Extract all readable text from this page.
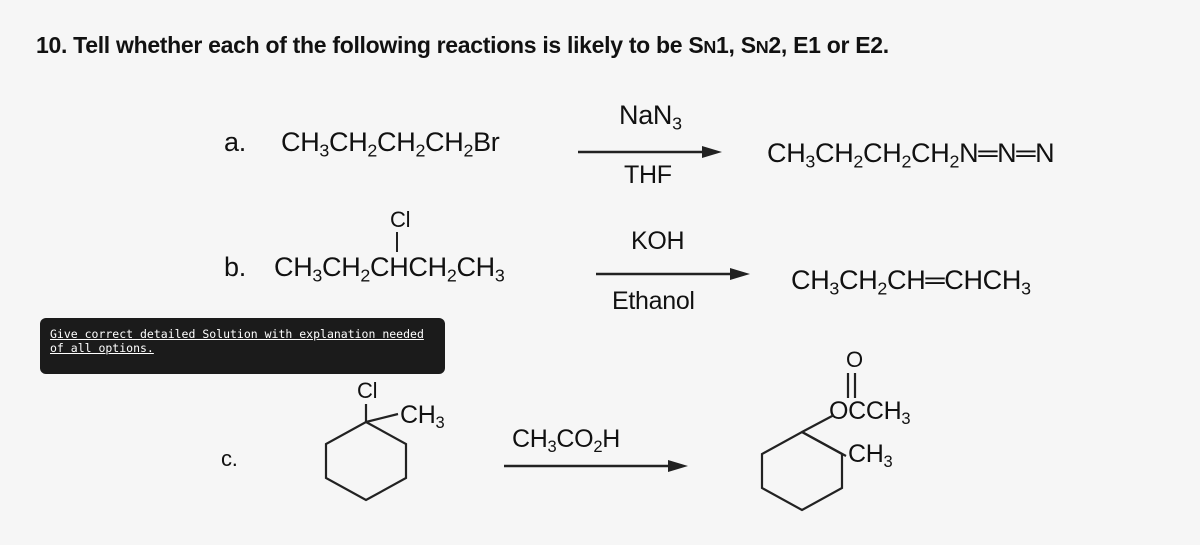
10. Tell whether each of the following reactions is likely to be SN1, SN2, E1 or E2.
a. $CH_3CH_2CH_2CH_2Br$
NaN$_3$
THF
$CH_3CH_2CH_2CH_2N═N═N$
Cl
b. $CH_3CH_2CHCH_2CH_3$
KOH
Ethanol
$CH_3CH_2CH═CHCH_3$
Give correct detailed Solution with explanation needed of all options.
c.
Cl
$CH_3$
$CH_3CO_2H$
O
$OCCH_3$
$CH_3$
